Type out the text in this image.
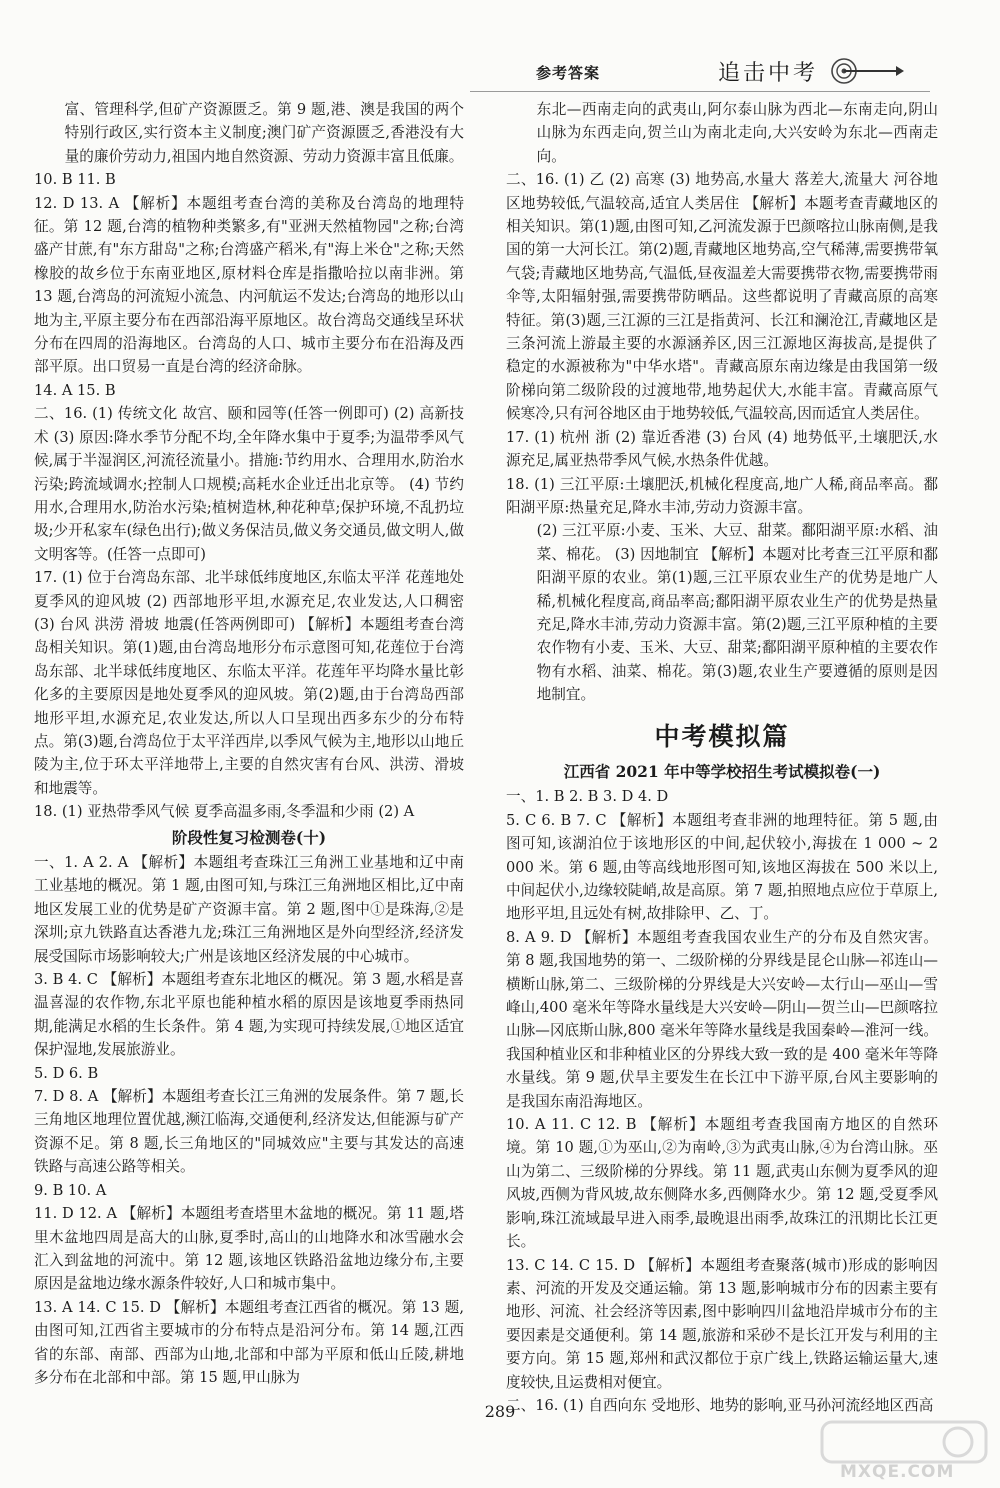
参考答案	追击中考

富、管理科学,但矿产资源匮乏。第 9 题,港、澳是我国的两个特别行政区,实行资本主义制度;澳门矿产资源匮乏,香港没有大量的廉价劳动力,祖国内地自然资源、劳动力资源丰富且低廉。

10. B 11. B

12. D 13. A 【解析】本题组考查台湾的美称及台湾岛的地理特征。第 12 题,台湾的植物种类繁多,有"亚洲天然植物园"之称;台湾盛产甘蔗,有"东方甜岛"之称;台湾盛产稻米,有"海上米仓"之称;天然橡胶的故乡位于东南亚地区,原材料仓库是指撒哈拉以南非洲。第 13 题,台湾岛的河流短小流急、内河航运不发达;台湾岛的地形以山地为主,平原主要分布在西部沿海平原地区。故台湾岛交通线呈环状分布在四周的沿海地区。台湾岛的人口、城市主要分布在沿海及西部平原。出口贸易一直是台湾的经济命脉。

14. A 15. B

二、16. (1) 传统文化 故宫、颐和园等(任答一例即可) (2) 高新技术 (3) 原因:降水季节分配不均,全年降水集中于夏季;为温带季风气候,属于半湿润区,河流径流量小。措施:节约用水、合理用水,防治水污染;跨流域调水;控制人口规模;高耗水企业迁出北京等。 (4) 节约用水,合理用水,防治水污染;植树造林,种花种草;保护环境,不乱扔垃圾;少开私家车(绿色出行);做义务保洁员,做义务交通员,做文明人,做文明客等。(任答一点即可)

17. (1) 位于台湾岛东部、北半球低纬度地区,东临太平洋 花莲地处夏季风的迎风坡 (2) 西部地形平坦,水源充足,农业发达,人口稠密 (3) 台风 洪涝 滑坡 地震(任答两例即可) 【解析】本题组考查台湾岛相关知识。第(1)题,由台湾岛地形分布示意图可知,花莲位于台湾岛东部、北半球低纬度地区、东临太平洋。花莲年平均降水量比彰化多的主要原因是地处夏季风的迎风坡。第(2)题,由于台湾岛西部地形平坦,水源充足,农业发达,所以人口呈现出西多东少的分布特点。第(3)题,台湾岛位于太平洋西岸,以季风气候为主,地形以山地丘陵为主,位于环太平洋地带上,主要的自然灾害有台风、洪涝、滑坡和地震等。

18. (1) 亚热带季风气候 夏季高温多雨,冬季温和少雨 (2) A

阶段性复习检测卷(十)

一、1. A 2. A 【解析】本题组考查珠江三角洲工业基地和辽中南工业基地的概况。第 1 题,由图可知,与珠江三角洲地区相比,辽中南地区发展工业的优势是矿产资源丰富。第 2 题,图中①是珠海,②是深圳;京九铁路直达香港九龙;珠江三角洲地区是外向型经济,经济发展受国际市场影响较大;广州是该地区经济发展的中心城市。

3. B 4. C 【解析】本题组考查东北地区的概况。第 3 题,水稻是喜温喜湿的农作物,东北平原也能种植水稻的原因是该地夏季雨热同期,能满足水稻的生长条件。第 4 题,为实现可持续发展,①地区适宜保护湿地,发展旅游业。

5. D 6. B

7. D 8. A 【解析】本题组考查长江三角洲的发展条件。第 7 题,长三角地区地理位置优越,濒江临海,交通便利,经济发达,但能源与矿产资源不足。第 8 题,长三角地区的"同城效应"主要与其发达的高速铁路与高速公路等相关。

9. B 10. A

11. D 12. A 【解析】本题组考查塔里木盆地的概况。第 11 题,塔里木盆地四周是高大的山脉,夏季时,高山的山地降水和冰雪融水会汇入到盆地的河流中。第 12 题,该地区铁路沿盆地边缘分布,主要原因是盆地边缘水源条件较好,人口和城市集中。

13. A 14. C 15. D 【解析】本题组考查江西省的概况。第 13 题,由图可知,江西省主要城市的分布特点是沿河分布。第 14 题,江西省的东部、南部、西部为山地,北部和中部为平原和低山丘陵,耕地多分布在北部和中部。第 15 题,甲山脉为

东北—西南走向的武夷山,阿尔泰山脉为西北—东南走向,阴山山脉为东西走向,贺兰山为南北走向,大兴安岭为东北—西南走向。

二、16. (1) 乙 (2) 高寒 (3) 地势高,水量大 落差大,流量大 河谷地区地势较低,气温较高,适宜人类居住 【解析】本题考查青藏地区的相关知识。第(1)题,由图可知,乙河流发源于巴颜喀拉山脉南侧,是我国的第一大河长江。第(2)题,青藏地区地势高,空气稀薄,需要携带氧气袋;青藏地区地势高,气温低,昼夜温差大需要携带衣物,需要携带雨伞等,太阳辐射强,需要携带防晒品。这些都说明了青藏高原的高寒特征。第(3)题,三江源的三江是指黄河、长江和澜沧江,青藏地区是三条河流上游最主要的水源涵养区,因三江源地区海拔高,是提供了稳定的水源被称为"中华水塔"。青藏高原东南边缘是由我国第一级阶梯向第二级阶段的过渡地带,地势起伏大,水能丰富。青藏高原气候寒冷,只有河谷地区由于地势较低,气温较高,因而适宜人类居住。

17. (1) 杭州 浙 (2) 靠近香港 (3) 台风 (4) 地势低平,土壤肥沃,水源充足,属亚热带季风气候,水热条件优越。

18. (1) 三江平原:土壤肥沃,机械化程度高,地广人稀,商品率高。鄱阳湖平原:热量充足,降水丰沛,劳动力资源丰富。

(2) 三江平原:小麦、玉米、大豆、甜菜。鄱阳湖平原:水稻、油菜、棉花。 (3) 因地制宜 【解析】本题对比考查三江平原和鄱阳湖平原的农业。第(1)题,三江平原农业生产的优势是地广人稀,机械化程度高,商品率高;鄱阳湖平原农业生产的优势是热量充足,降水丰沛,劳动力资源丰富。第(2)题,三江平原种植的主要农作物有小麦、玉米、大豆、甜菜;鄱阳湖平原种植的主要农作物有水稻、油菜、棉花。第(3)题,农业生产要遵循的原则是因地制宜。

中考模拟篇

江西省 2021 年中等学校招生考试模拟卷(一)

一、1. B 2. B 3. D 4. D

5. C 6. B 7. C 【解析】本题组考查非洲的地理特征。第 5 题,由图可知,该湖泊位于该地形区的中间,起伏较小,海拔在 1 000 ~ 2 000 米。第 6 题,由等高线地形图可知,该地区海拔在 500 米以上,中间起伏小,边缘较陡峭,故是高原。第 7 题,拍照地点应位于草原上,地形平坦,且远处有树,故排除甲、乙、丁。

8. A 9. D 【解析】本题组考查我国农业生产的分布及自然灾害。第 8 题,我国地势的第一、二级阶梯的分界线是昆仑山脉—祁连山—横断山脉,第二、三级阶梯的分界线是大兴安岭—太行山—巫山—雪峰山,400 毫米年等降水量线是大兴安岭—阴山—贺兰山—巴颜喀拉山脉—冈底斯山脉,800 毫米年等降水量线是我国秦岭—淮河一线。我国种植业区和非种植业区的分界线大致一致的是 400 毫米年等降水量线。第 9 题,伏旱主要发生在长江中下游平原,台风主要影响的是我国东南沿海地区。

10. A 11. C 12. B 【解析】本题组考查我国南方地区的自然环境。第 10 题,①为巫山,②为南岭,③为武夷山脉,④为台湾山脉。巫山为第二、三级阶梯的分界线。第 11 题,武夷山东侧为夏季风的迎风坡,西侧为背风坡,故东侧降水多,西侧降水少。第 12 题,受夏季风影响,珠江流域最早进入雨季,最晚退出雨季,故珠江的汛期比长江更长。

13. C 14. C 15. D 【解析】本题组考查聚落(城市)形成的影响因素、河流的开发及交通运输。第 13 题,影响城市分布的因素主要有地形、河流、社会经济等因素,图中影响四川盆地沿岸城市分布的主要因素是交通便利。第 14 题,旅游和采砂不是长江开发与利用的主要方向。第 15 题,郑州和武汉都位于京广线上,铁路运输运量大,速度较快,且运费相对便宜。

二、16. (1) 自西向东 受地形、地势的影响,亚马孙河流经地区西高

289
MXQE.COM
